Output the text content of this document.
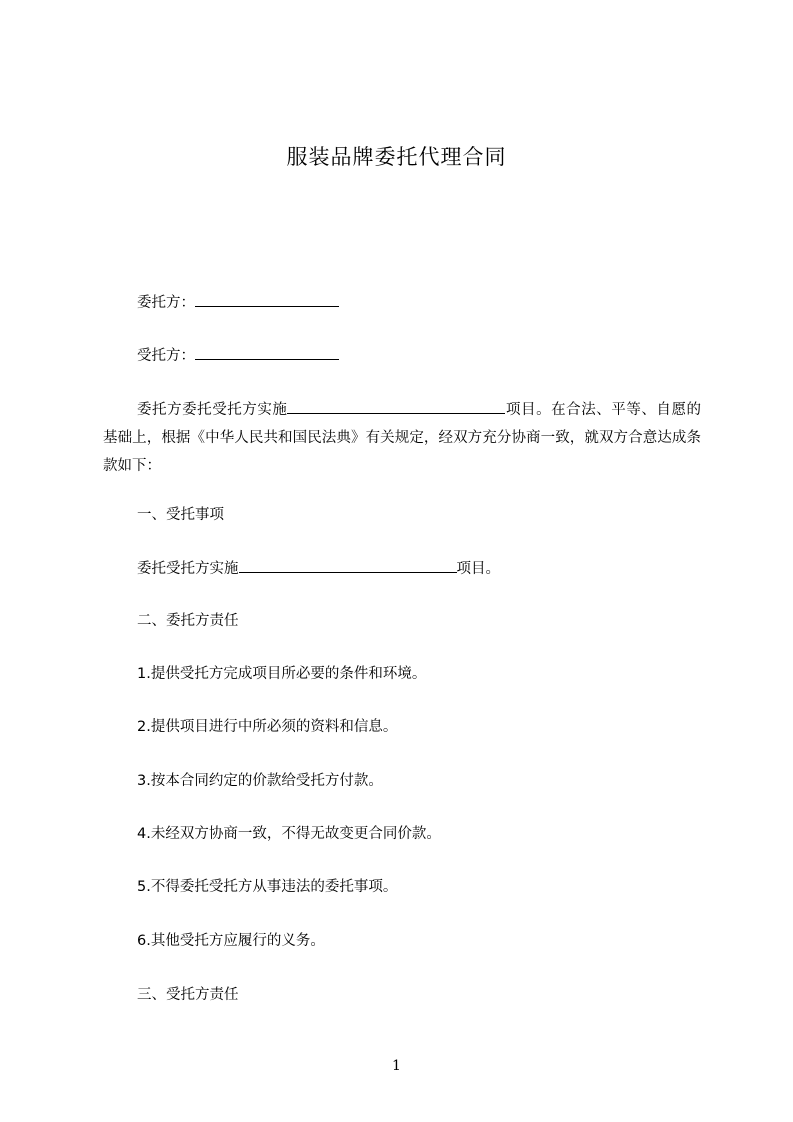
服装品牌委托代理合同
委托方：
受托方：

委托方委托受托方实施	项目。在合法、平等、自愿的基础上，根据《中华人民共和国民法典》有关规定，经双方充分协商一致，就双方合意达成条款如下：

一、受托事项
委托受托方实施	项目。
二、委托方责任
1.提供受托方完成项目所必要的条件和环境。
2.提供项目进行中所必须的资料和信息。
3.按本合同约定的价款给受托方付款。
4.未经双方协商一致，不得无故变更合同价款。
5.不得委托受托方从事违法的委托事项。
6.其他受托方应履行的义务。
三、受托方责任
1
